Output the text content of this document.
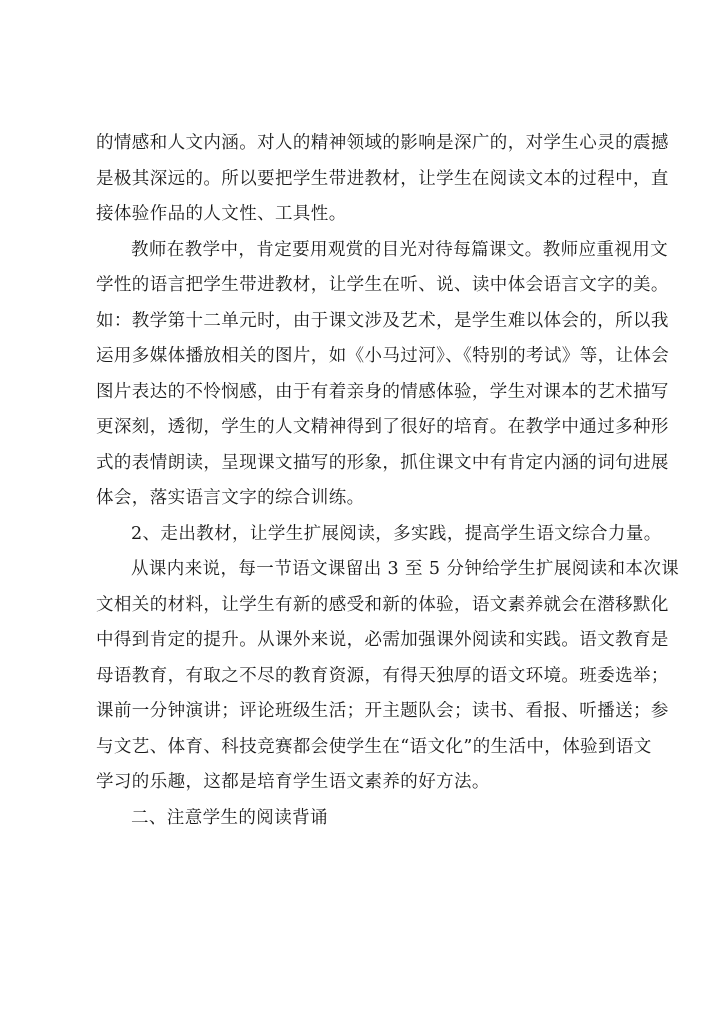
的情感和人文内涵。对人的精神领域的影响是深广的，对学生心灵的震撼
是极其深远的。所以要把学生带进教材，让学生在阅读文本的过程中，直
接体验作品的人文性、工具性。

教师在教学中，肯定要用观赏的目光对待每篇课文。教师应重视用文
学性的语言把学生带进教材，让学生在听、说、读中体会语言文字的美。
如：教学第十二单元时，由于课文涉及艺术，是学生难以体会的，所以我
运用多媒体播放相关的图片，如《小马过河》、《特别的考试》等，让体会
图片表达的不怜悯感，由于有着亲身的情感体验，学生对课本的艺术描写
更深刻，透彻，学生的人文精神得到了很好的培育。在教学中通过多种形
式的表情朗读，呈现课文描写的形象，抓住课文中有肯定内涵的词句进展
体会，落实语言文字的综合训练。

2、走出教材，让学生扩展阅读，多实践，提高学生语文综合力量。

从课内来说，每一节语文课留出 3 至 5 分钟给学生扩展阅读和本次课
文相关的材料，让学生有新的感受和新的体验，语文素养就会在潜移默化
中得到肯定的提升。从课外来说，必需加强课外阅读和实践。语文教育是
母语教育，有取之不尽的教育资源，有得天独厚的语文环境。班委选举；
课前一分钟演讲；评论班级生活；开主题队会；读书、看报、听播送；参
与文艺、体育、科技竞赛都会使学生在“语文化”的生活中，体验到语文
学习的乐趣，这都是培育学生语文素养的好方法。

二、注意学生的阅读背诵
